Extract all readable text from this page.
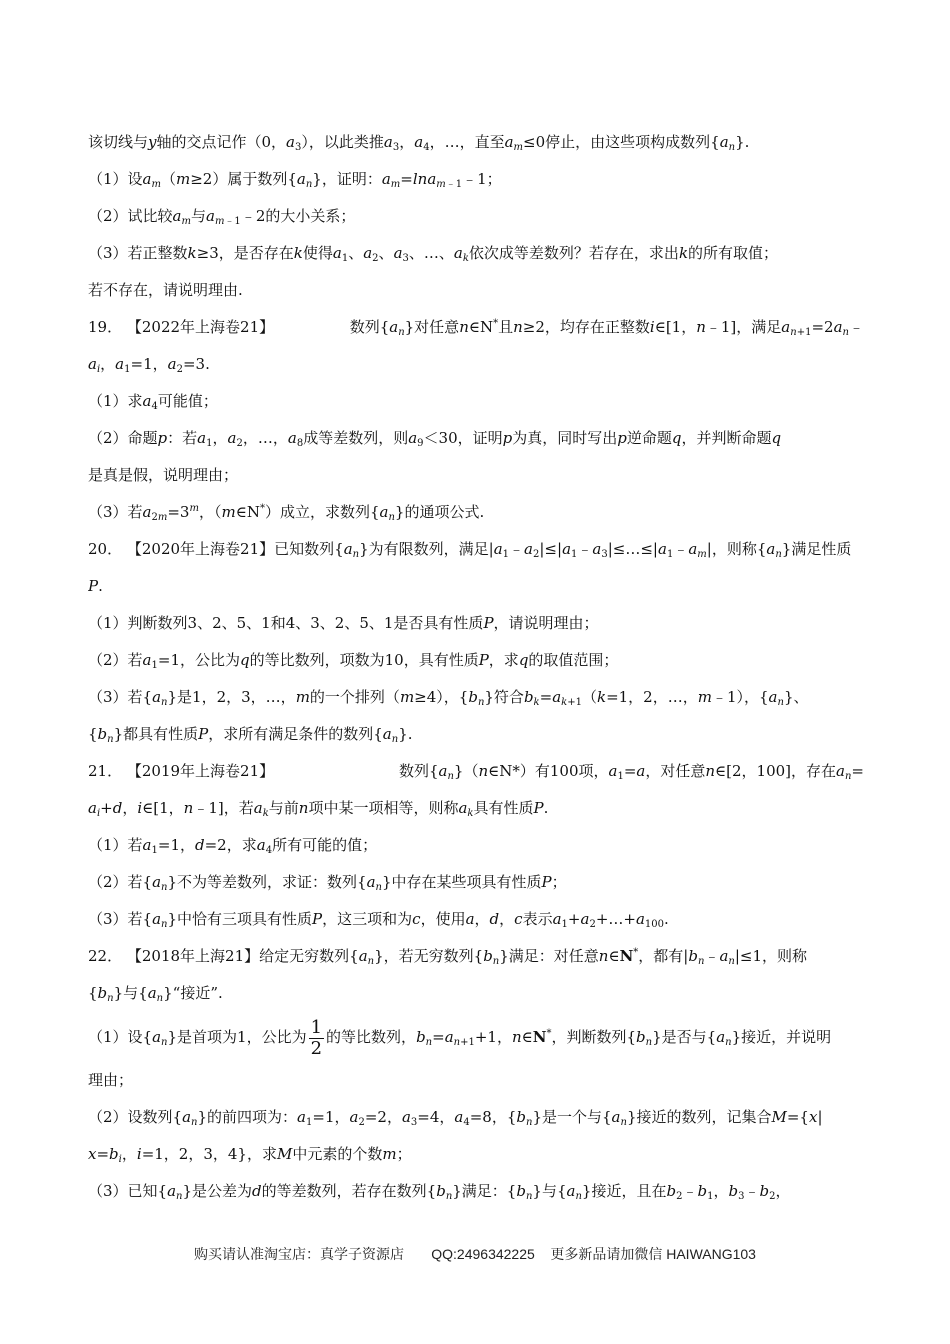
该切线与y轴的交点记作（0，$a_3$），以此类推$a_3$，$a_4$，…，直至$a_m\le 0$停止，由这些项构成数列$\{a_n\}$.
（1）设$a_m(m\ge 2)$属于数列$\{a_n\}$，证明：$a_m=\ln a_{m﹣1}﹣1$；
（2）试比较$a_m$与$a_{m﹣1}﹣2$的大小关系；
（3）若正整数k≥3，是否存在k使得$a_1$、$a_2$、$a_3$、…、$a_k$依次成等差数列？若存在，求出k的所有取值；
若不存在，请说明理由.
19． 【2022年上海卷21】	数列$\{a_n\}$对任意n∈N*且n≥2，均存在正整数i∈[1，n﹣1]，满足$a_{n+1}=2a_n﹣$
$a_i$，$a_1=1$，$a_2=3$.
（1）求$a_4$可能值；
（2）命题p：若$a_1$，$a_2$，…，$a_8$成等差数列，则$a_9<30$，证明p为真，同时写出p逆命题q，并判断命题q
是真是假，说明理由；
（3）若$a_{2m}=3^m$，（m∈N*）成立，求数列$\{a_n\}$的通项公式.
20． 【2020年上海卷21】已知数列$\{a_n\}$为有限数列，满足$|a_1﹣a_2|\le|a_1﹣a_3|\le\dots\le|a_1﹣a_m|$，则称$\{a_n\}$满足性质
P.
（1）判断数列3、2、5、1和4、3、2、5、1是否具有性质P，请说明理由；
（2）若$a_1=1$，公比为q的等比数列，项数为10，具有性质P，求q的取值范围；
（3）若$\{a_n\}$是1，2，3，…，m的一个排列（m≥4），$\{b_n\}$符合$b_k=a_{k+1}(k=1$，2，…，m﹣1），$\{a_n\}$、
$\{b_n\}$都具有性质P，求所有满足条件的数列$\{a_n\}$.
21． 【2019年上海卷21】	数列$\{a_n\}(n\in N*)$有100项，$a_1=a$，对任意n∈[2，100]，存在$a_n=$
$a_i+d$，i∈[1，n﹣1]，若$a_k$与前n项中某一项相等，则称$a_k$具有性质P.
（1）若$a_1=1$，d=2，求$a_4$所有可能的值；
（2）若$\{a_n\}$不为等差数列，求证：数列$\{a_n\}$中存在某些项具有性质P；
（3）若$\{a_n\}$中恰有三项具有性质P，这三项和为c，使用a，d，c表示$a_1+a_2+\dots+a_{100}$.
22． 【2018年上海21】给定无穷数列$\{a_n\}$，若无穷数列$\{b_n\}$满足：对任意n∈N*，都有$|b_n﹣a_n|\le 1$，则称
$\{b_n\}$与$\{a_n\}“$接近”.
（1）设$\{a_n\}$是首项为1，公比为 $\frac{1}{2}$ 的等比数列，$b_n=a_{n+1}+1$，n∈N*，判断数列$\{b_n\}$是否与$\{a_n\}$接近，并说明
理由；
（2）设数列$\{a_n\}$的前四项为：$a_1=1$，$a_2=2$，$a_3=4$，$a_4=8$，$\{b_n\}$是一个与$\{a_n\}$接近的数列，记集合M={x|
$x=b_i$，i=1，2，3，4}，求M中元素的个数m；
（3）已知$\{a_n\}$是公差为d的等差数列，若存在数列$\{b_n\}$满足：$\{b_n\}$与$\{a_n\}$接近，且在$b_2﹣b_1$，$b_3﹣b_2$，
购买请认准淘宝店：真学子资源店 QQ:2496342225 更多新品请加微信 HAIWANG103
